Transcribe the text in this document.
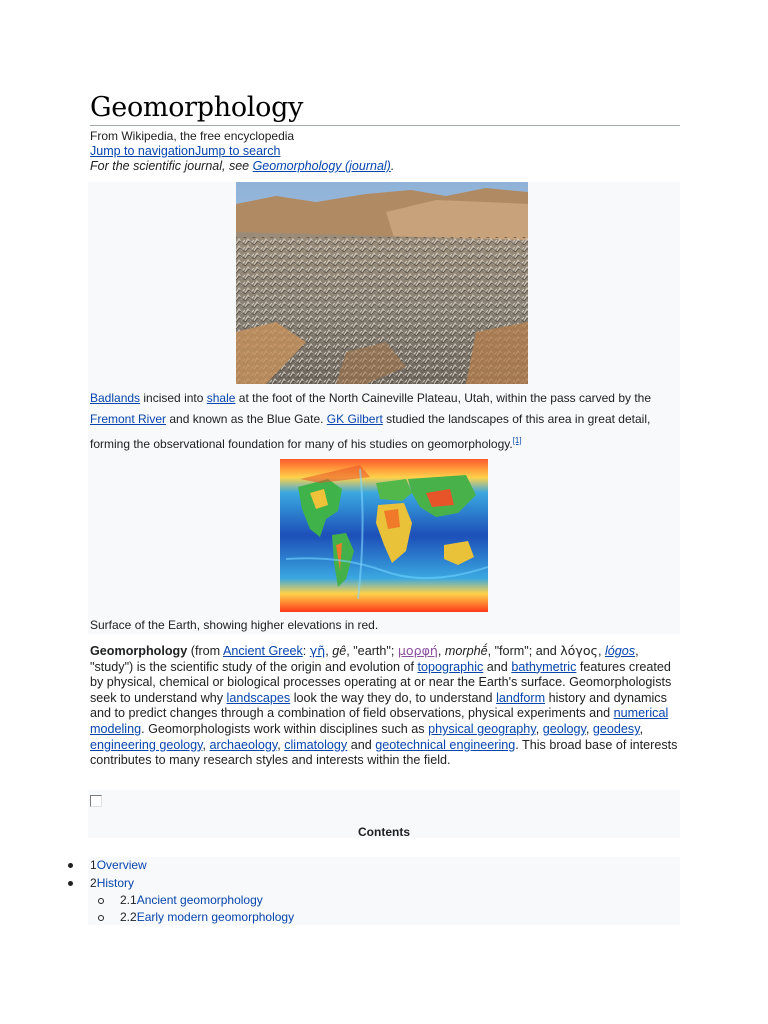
Geomorphology
From Wikipedia, the free encyclopedia
Jump to navigationJump to search
For the scientific journal, see Geomorphology (journal).
Badlands incised into shale at the foot of the North Caineville Plateau, Utah, within the pass carved by the Fremont River and known as the Blue Gate. GK Gilbert studied the landscapes of this area in great detail, forming the observational foundation for many of his studies on geomorphology.[1]
Surface of the Earth, showing higher elevations in red.
Geomorphology (from Ancient Greek: γῆ, gê, "earth"; μορφή, morphḗ, "form"; and λόγος, lógos, "study") is the scientific study of the origin and evolution of topographic and bathymetric features created by physical, chemical or biological processes operating at or near the Earth's surface. Geomorphologists seek to understand why landscapes look the way they do, to understand landform history and dynamics and to predict changes through a combination of field observations, physical experiments and numerical modeling. Geomorphologists work within disciplines such as physical geography, geology, geodesy, engineering geology, archaeology, climatology and geotechnical engineering. This broad base of interests contributes to many research styles and interests within the field.
Contents
1Overview
2History
2.1Ancient geomorphology
2.2Early modern geomorphology
